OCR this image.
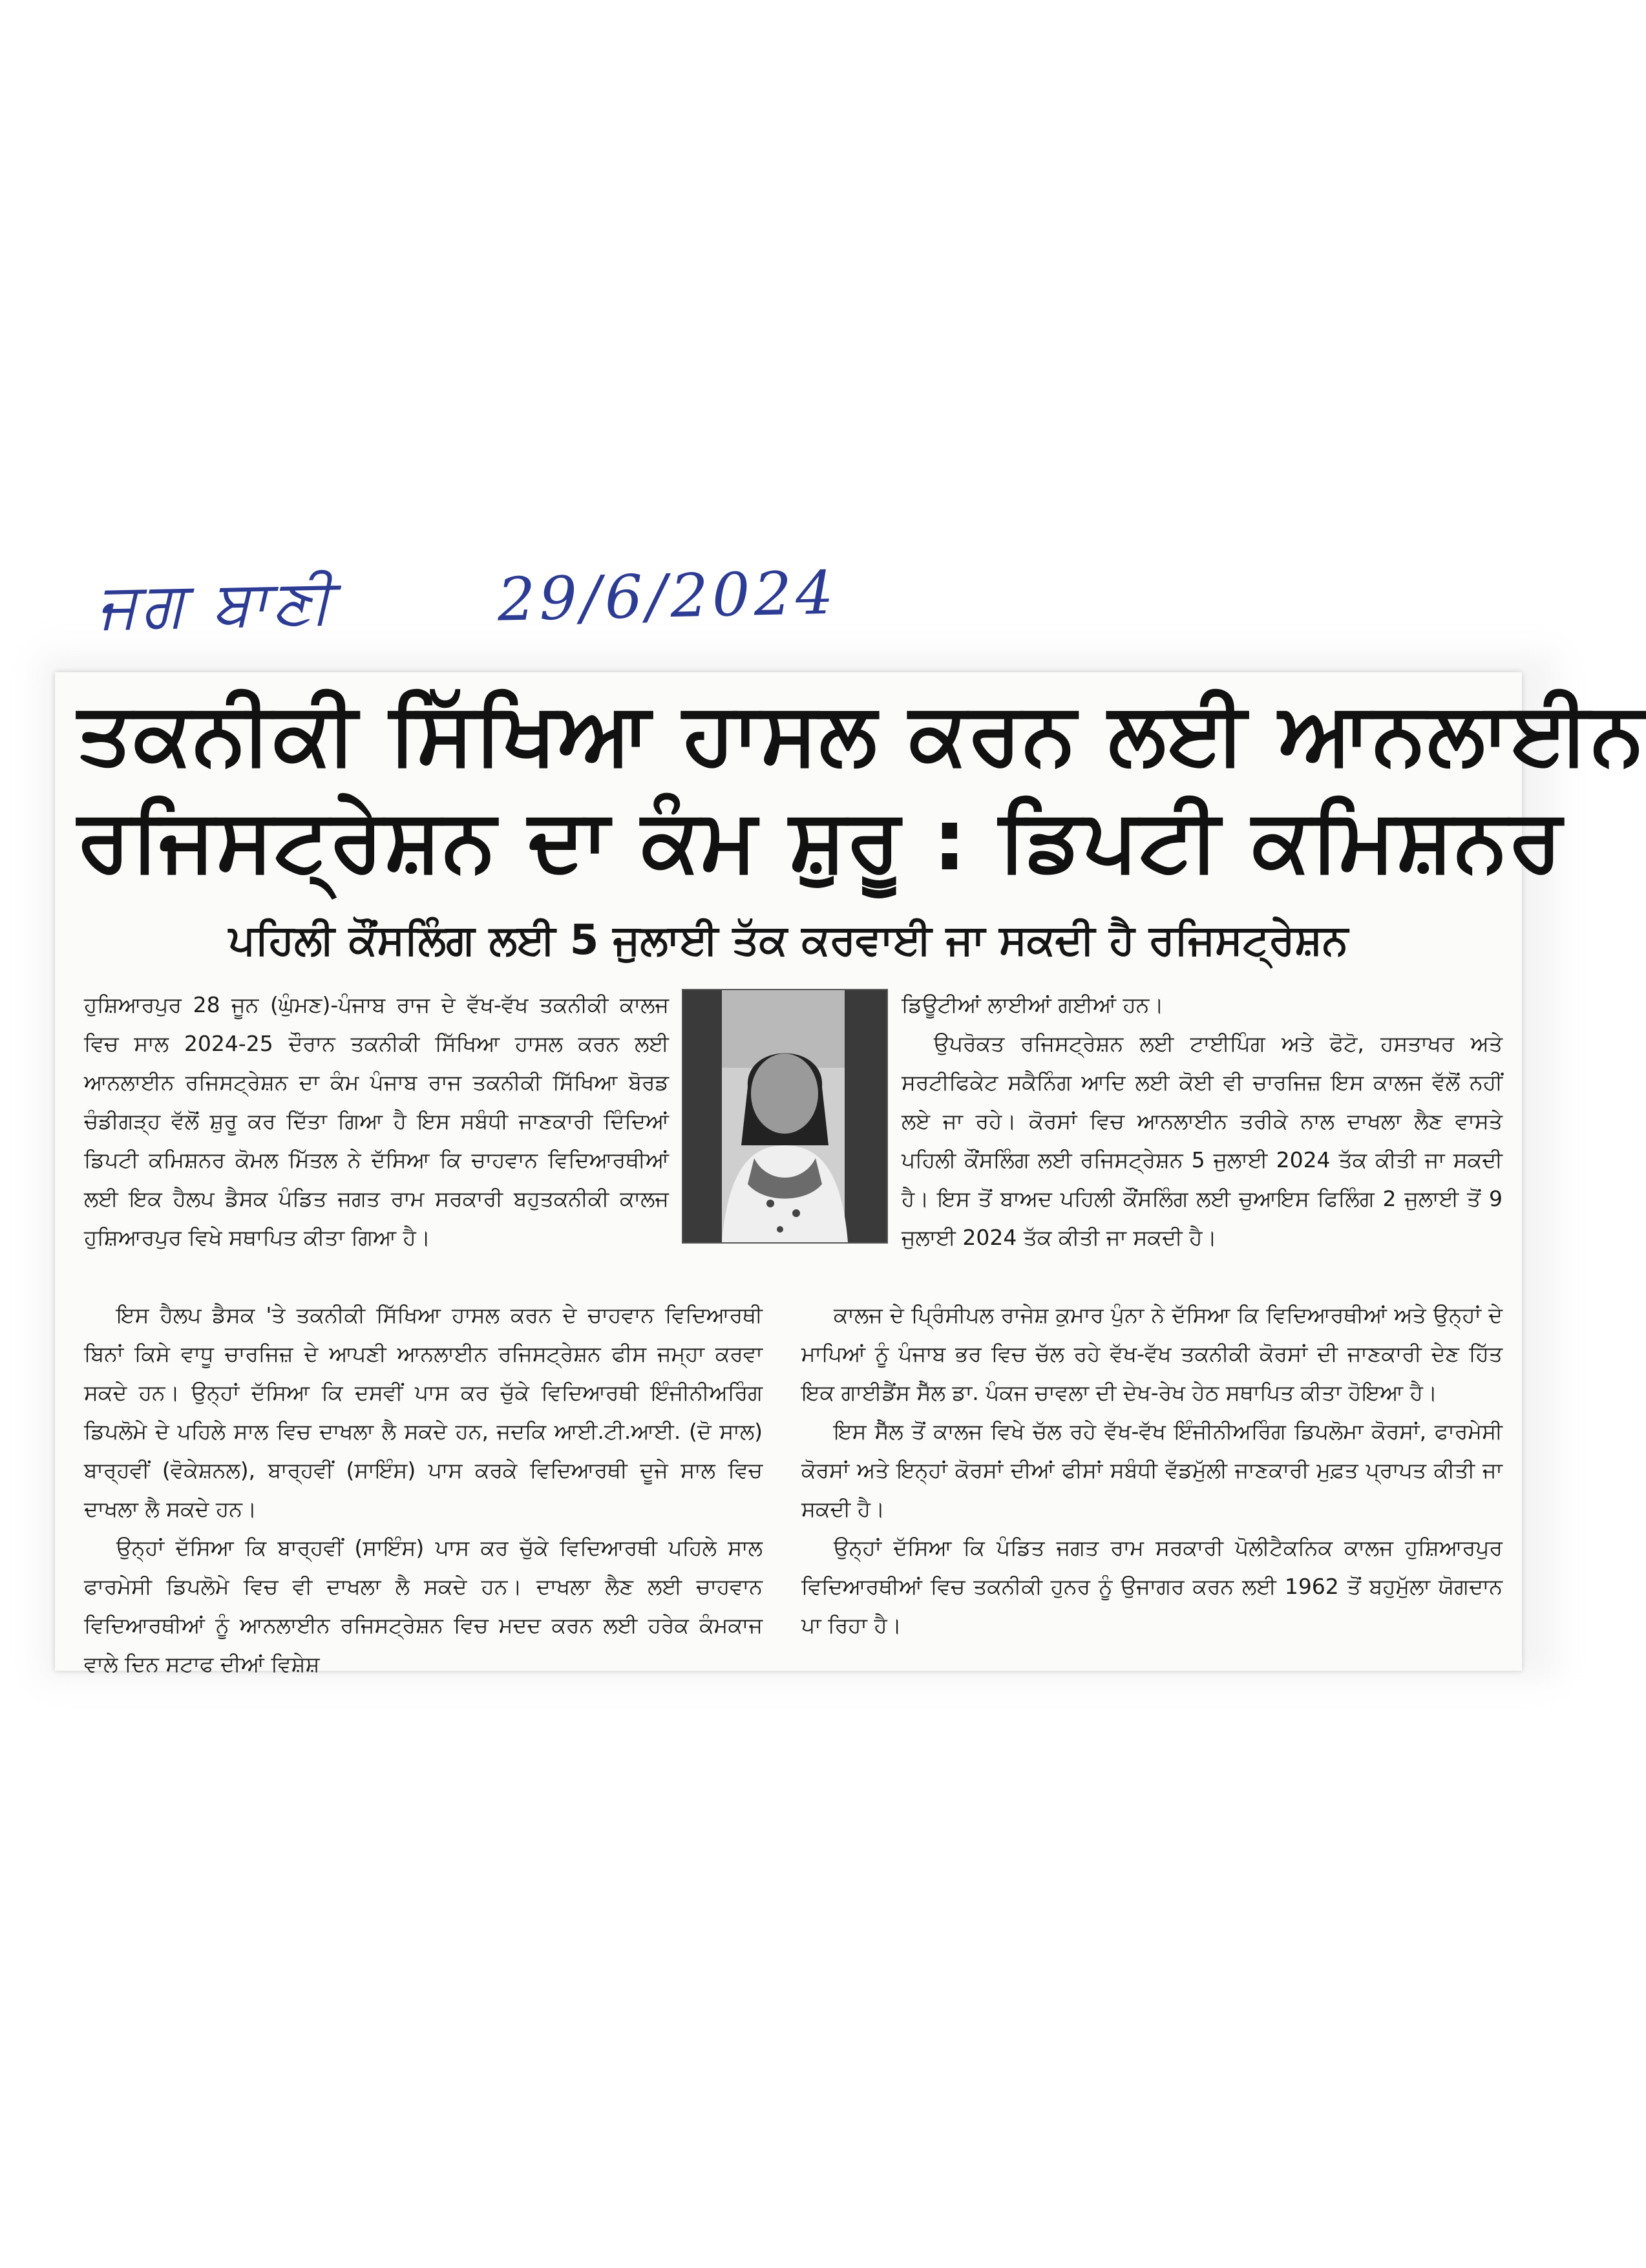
ਜਗ ਬਾਣੀ	29/6/2024
ਤਕਨੀਕੀ ਸਿੱਖਿਆ ਹਾਸਲ ਕਰਨ ਲਈ ਆਨਲਾਈਨ
ਰਜਿਸਟ੍ਰੇਸ਼ਨ ਦਾ ਕੰਮ ਸ਼ੁਰੂ : ਡਿਪਟੀ ਕਮਿਸ਼ਨਰ
ਪਹਿਲੀ ਕੌਂਸਲਿੰਗ ਲਈ 5 ਜੁਲਾਈ ਤੱਕ ਕਰਵਾਈ ਜਾ ਸਕਦੀ ਹੈ ਰਜਿਸਟ੍ਰੇਸ਼ਨ

ਹੁਸ਼ਿਆਰਪੁਰ 28 ਜੂਨ (ਘੁੰਮਣ)-ਪੰਜਾਬ ਰਾਜ ਦੇ ਵੱਖ-ਵੱਖ ਤਕਨੀਕੀ ਕਾਲਜ ਵਿਚ ਸਾਲ 2024-25 ਦੌਰਾਨ ਤਕਨੀਕੀ ਸਿੱਖਿਆ ਹਾਸਲ ਕਰਨ ਲਈ ਆਨਲਾਈਨ ਰਜਿਸਟ੍ਰੇਸ਼ਨ ਦਾ ਕੰਮ ਪੰਜਾਬ ਰਾਜ ਤਕਨੀਕੀ ਸਿੱਖਿਆ ਬੋਰਡ ਚੰਡੀਗੜ੍ਹ ਵੱਲੋਂ ਸ਼ੁਰੂ ਕਰ ਦਿੱਤਾ ਗਿਆ ਹੈ ਇਸ ਸਬੰਧੀ ਜਾਣਕਾਰੀ ਦਿੰਦਿਆਂ ਡਿਪਟੀ ਕਮਿਸ਼ਨਰ ਕੋਮਲ ਮਿੱਤਲ ਨੇ ਦੱਸਿਆ ਕਿ ਚਾਹਵਾਨ ਵਿਦਿਆਰਥੀਆਂ ਲਈ ਇਕ ਹੈਲਪ ਡੈਸਕ ਪੰਡਿਤ ਜਗਤ ਰਾਮ ਸਰਕਾਰੀ ਬਹੁਤਕਨੀਕੀ ਕਾਲਜ ਹੁਸ਼ਿਆਰਪੁਰ ਵਿਖੇ ਸਥਾਪਿਤ ਕੀਤਾ ਗਿਆ ਹੈ।

ਡਿਊਟੀਆਂ ਲਾਈਆਂ ਗਈਆਂ ਹਨ।

ਉਪਰੋਕਤ ਰਜਿਸਟ੍ਰੇਸ਼ਨ ਲਈ ਟਾਈਪਿੰਗ ਅਤੇ ਫੋਟੋ, ਹਸਤਾਖਰ ਅਤੇ ਸਰਟੀਫਿਕੇਟ ਸਕੈਨਿੰਗ ਆਦਿ ਲਈ ਕੋਈ ਵੀ ਚਾਰਜਿਜ਼ ਇਸ ਕਾਲਜ ਵੱਲੋਂ ਨਹੀਂ ਲਏ ਜਾ ਰਹੇ। ਕੋਰਸਾਂ ਵਿਚ ਆਨਲਾਈਨ ਤਰੀਕੇ ਨਾਲ ਦਾਖਲਾ ਲੈਣ ਵਾਸਤੇ ਪਹਿਲੀ ਕੌਂਸਲਿੰਗ ਲਈ ਰਜਿਸਟ੍ਰੇਸ਼ਨ 5 ਜੁਲਾਈ 2024 ਤੱਕ ਕੀਤੀ ਜਾ ਸਕਦੀ ਹੈ। ਇਸ ਤੋਂ ਬਾਅਦ ਪਹਿਲੀ ਕੌਂਸਲਿੰਗ ਲਈ ਚੁਆਇਸ ਫਿਲਿੰਗ 2 ਜੁਲਾਈ ਤੋਂ 9 ਜੁਲਾਈ 2024 ਤੱਕ ਕੀਤੀ ਜਾ ਸਕਦੀ ਹੈ।

ਇਸ ਹੈਲਪ ਡੈਸਕ 'ਤੇ ਤਕਨੀਕੀ ਸਿੱਖਿਆ ਹਾਸਲ ਕਰਨ ਦੇ ਚਾਹਵਾਨ ਵਿਦਿਆਰਥੀ ਬਿਨਾਂ ਕਿਸੇ ਵਾਧੂ ਚਾਰਜਿਜ਼ ਦੇ ਆਪਣੀ ਆਨਲਾਈਨ ਰਜਿਸਟ੍ਰੇਸ਼ਨ ਫੀਸ ਜਮ੍ਹਾ ਕਰਵਾ ਸਕਦੇ ਹਨ। ਉਨ੍ਹਾਂ ਦੱਸਿਆ ਕਿ ਦਸਵੀਂ ਪਾਸ ਕਰ ਚੁੱਕੇ ਵਿਦਿਆਰਥੀ ਇੰਜੀਨੀਅਰਿੰਗ ਡਿਪਲੋਮੇ ਦੇ ਪਹਿਲੇ ਸਾਲ ਵਿਚ ਦਾਖਲਾ ਲੈ ਸਕਦੇ ਹਨ, ਜਦਕਿ ਆਈ.ਟੀ.ਆਈ. (ਦੋ ਸਾਲ) ਬਾਰ੍ਹਵੀਂ (ਵੋਕੇਸ਼ਨਲ), ਬਾਰ੍ਹਵੀਂ (ਸਾਇੰਸ) ਪਾਸ ਕਰਕੇ ਵਿਦਿਆਰਥੀ ਦੂਜੇ ਸਾਲ ਵਿਚ ਦਾਖਲਾ ਲੈ ਸਕਦੇ ਹਨ।

ਉਨ੍ਹਾਂ ਦੱਸਿਆ ਕਿ ਬਾਰ੍ਹਵੀਂ (ਸਾਇੰਸ) ਪਾਸ ਕਰ ਚੁੱਕੇ ਵਿਦਿਆਰਥੀ ਪਹਿਲੇ ਸਾਲ ਫਾਰਮੇਸੀ ਡਿਪਲੋਮੇ ਵਿਚ ਵੀ ਦਾਖਲਾ ਲੈ ਸਕਦੇ ਹਨ। ਦਾਖਲਾ ਲੈਣ ਲਈ ਚਾਹਵਾਨ ਵਿਦਿਆਰਥੀਆਂ ਨੂੰ ਆਨਲਾਈਨ ਰਜਿਸਟ੍ਰੇਸ਼ਨ ਵਿਚ ਮਦਦ ਕਰਨ ਲਈ ਹਰੇਕ ਕੰਮਕਾਜ ਵਾਲੇ ਦਿਨ ਸਟਾਫ ਦੀਆਂ ਵਿਸ਼ੇਸ਼

ਕਾਲਜ ਦੇ ਪ੍ਰਿੰਸੀਪਲ ਰਾਜੇਸ਼ ਕੁਮਾਰ ਪੁੰਨਾ ਨੇ ਦੱਸਿਆ ਕਿ ਵਿਦਿਆਰਥੀਆਂ ਅਤੇ ਉਨ੍ਹਾਂ ਦੇ ਮਾਪਿਆਂ ਨੂੰ ਪੰਜਾਬ ਭਰ ਵਿਚ ਚੱਲ ਰਹੇ ਵੱਖ-ਵੱਖ ਤਕਨੀਕੀ ਕੋਰਸਾਂ ਦੀ ਜਾਣਕਾਰੀ ਦੇਣ ਹਿੱਤ ਇਕ ਗਾਈਡੈਂਸ ਸੈੱਲ ਡਾ. ਪੰਕਜ ਚਾਵਲਾ ਦੀ ਦੇਖ-ਰੇਖ ਹੇਠ ਸਥਾਪਿਤ ਕੀਤਾ ਹੋਇਆ ਹੈ।

ਇਸ ਸੈੱਲ ਤੋਂ ਕਾਲਜ ਵਿਖੇ ਚੱਲ ਰਹੇ ਵੱਖ-ਵੱਖ ਇੰਜੀਨੀਅਰਿੰਗ ਡਿਪਲੋਮਾ ਕੋਰਸਾਂ, ਫਾਰਮੇਸੀ ਕੋਰਸਾਂ ਅਤੇ ਇਨ੍ਹਾਂ ਕੋਰਸਾਂ ਦੀਆਂ ਫੀਸਾਂ ਸਬੰਧੀ ਵੱਡਮੁੱਲੀ ਜਾਣਕਾਰੀ ਮੁਫ਼ਤ ਪ੍ਰਾਪਤ ਕੀਤੀ ਜਾ ਸਕਦੀ ਹੈ।

ਉਨ੍ਹਾਂ ਦੱਸਿਆ ਕਿ ਪੰਡਿਤ ਜਗਤ ਰਾਮ ਸਰਕਾਰੀ ਪੋਲੀਟੈਕਨਿਕ ਕਾਲਜ ਹੁਸ਼ਿਆਰਪੁਰ ਵਿਦਿਆਰਥੀਆਂ ਵਿਚ ਤਕਨੀਕੀ ਹੁਨਰ ਨੂੰ ਉਜਾਗਰ ਕਰਨ ਲਈ 1962 ਤੋਂ ਬਹੁਮੁੱਲਾ ਯੋਗਦਾਨ ਪਾ ਰਿਹਾ ਹੈ।
